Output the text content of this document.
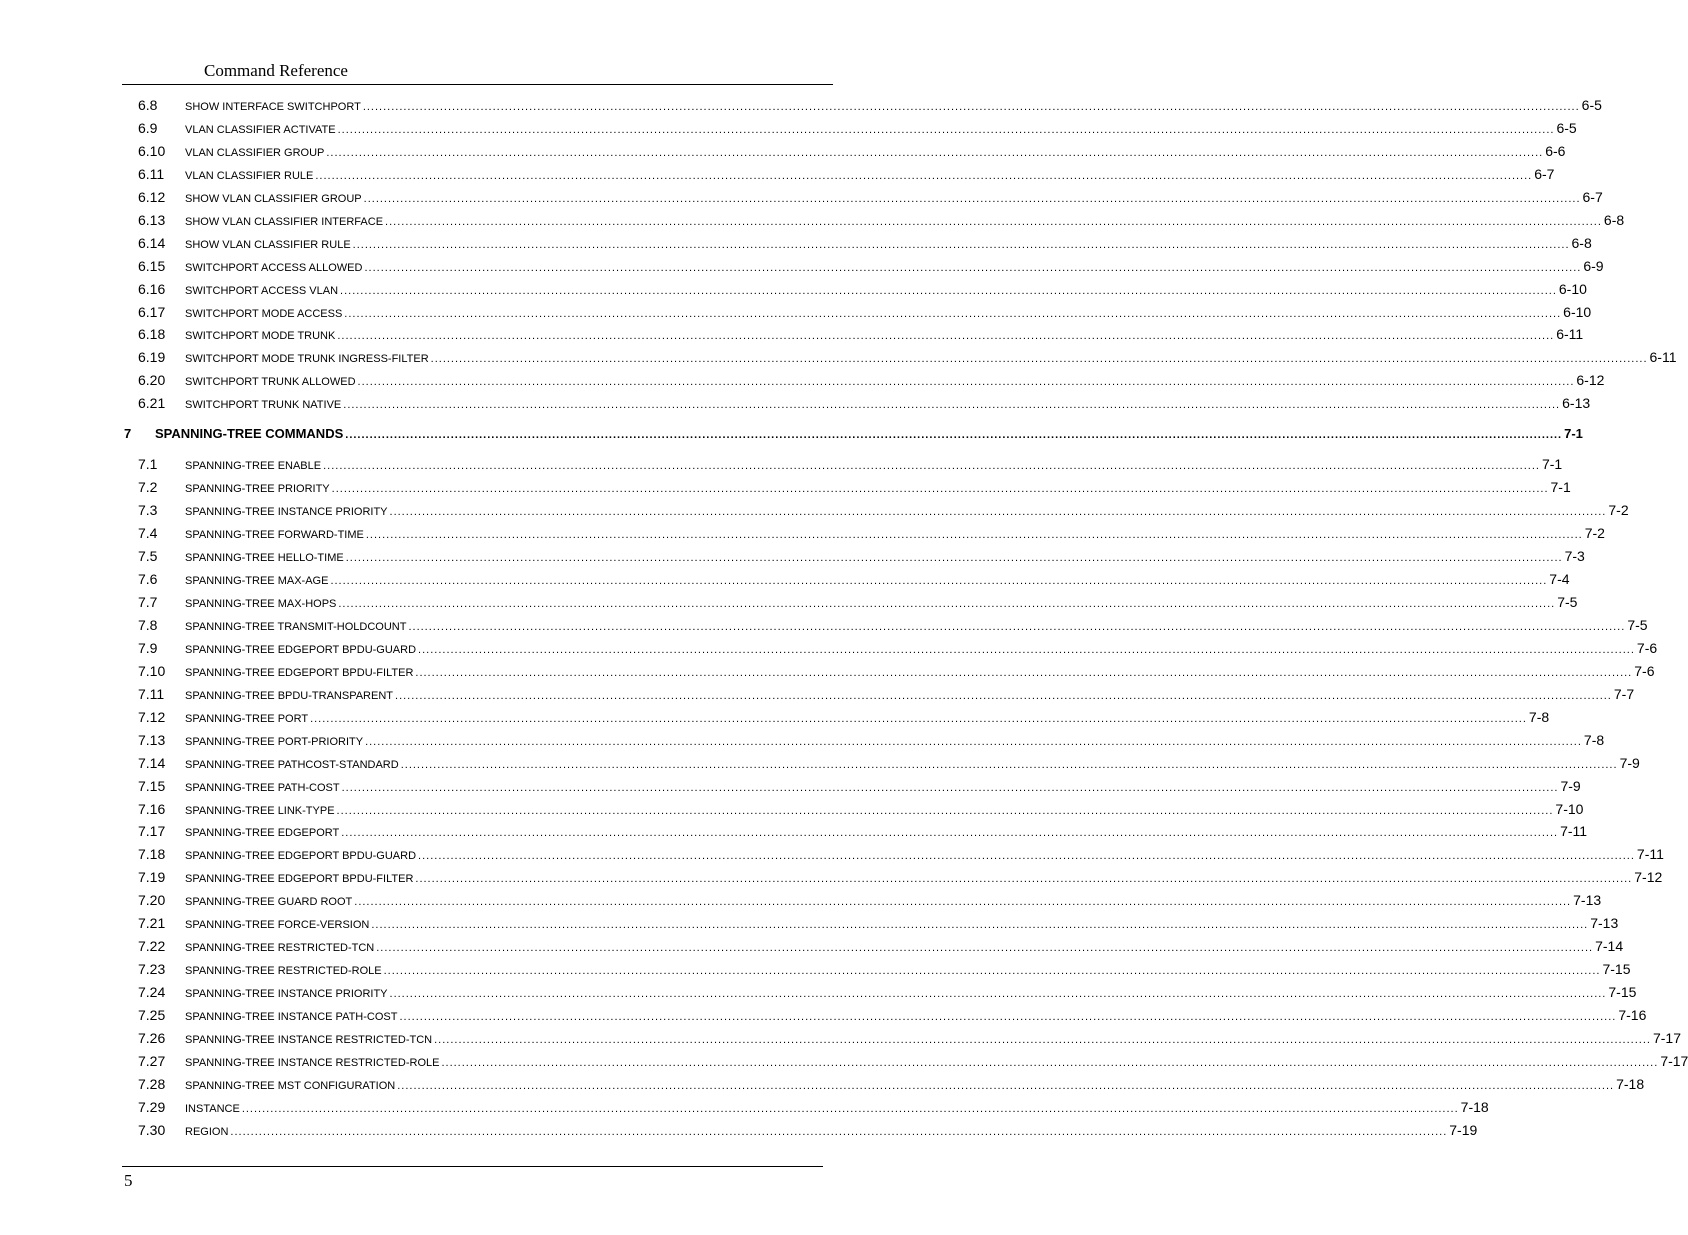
Command Reference
6.8	SHOW INTERFACE SWITCHPORT ............................................................................................................................................................................................................................................................................................................ 6-5
6.9	VLAN CLASSIFIER ACTIVATE ............................................................................................................................................................................................................................................................................................................ 6-5
6.10	VLAN CLASSIFIER GROUP ............................................................................................................................................................................................................................................................................................................ 6-6
6.11	VLAN CLASSIFIER RULE ............................................................................................................................................................................................................................................................................................................ 6-7
6.12	SHOW VLAN CLASSIFIER GROUP ............................................................................................................................................................................................................................................................................................................ 6-7
6.13	SHOW VLAN CLASSIFIER INTERFACE ............................................................................................................................................................................................................................................................................................................ 6-8
6.14	SHOW VLAN CLASSIFIER RULE ............................................................................................................................................................................................................................................................................................................ 6-8
6.15	SWITCHPORT ACCESS ALLOWED ............................................................................................................................................................................................................................................................................................................ 6-9
6.16	SWITCHPORT ACCESS VLAN ............................................................................................................................................................................................................................................................................................................ 6-10
6.17	SWITCHPORT MODE ACCESS ............................................................................................................................................................................................................................................................................................................ 6-10
6.18	SWITCHPORT MODE TRUNK ............................................................................................................................................................................................................................................................................................................ 6-11
6.19	SWITCHPORT MODE TRUNK INGRESS-FILTER ............................................................................................................................................................................................................................................................................................................ 6-11
6.20	SWITCHPORT TRUNK ALLOWED ............................................................................................................................................................................................................................................................................................................ 6-12
6.21	SWITCHPORT TRUNK NATIVE ............................................................................................................................................................................................................................................................................................................ 6-13
7	SPANNING-TREE COMMANDS ............................................................................................................................................................................................................................................................................................................ 7-1
7.1	SPANNING-TREE ENABLE ............................................................................................................................................................................................................................................................................................................ 7-1
7.2	SPANNING-TREE PRIORITY ............................................................................................................................................................................................................................................................................................................ 7-1
7.3	SPANNING-TREE INSTANCE PRIORITY ............................................................................................................................................................................................................................................................................................................ 7-2
7.4	SPANNING-TREE FORWARD-TIME ............................................................................................................................................................................................................................................................................................................ 7-2
7.5	SPANNING-TREE HELLO-TIME ............................................................................................................................................................................................................................................................................................................ 7-3
7.6	SPANNING-TREE MAX-AGE ............................................................................................................................................................................................................................................................................................................ 7-4
7.7	SPANNING-TREE MAX-HOPS ............................................................................................................................................................................................................................................................................................................ 7-5
7.8	SPANNING-TREE TRANSMIT-HOLDCOUNT ............................................................................................................................................................................................................................................................................................................ 7-5
7.9	SPANNING-TREE EDGEPORT BPDU-GUARD ............................................................................................................................................................................................................................................................................................................ 7-6
7.10	SPANNING-TREE EDGEPORT BPDU-FILTER ............................................................................................................................................................................................................................................................................................................ 7-6
7.11	SPANNING-TREE BPDU-TRANSPARENT ............................................................................................................................................................................................................................................................................................................ 7-7
7.12	SPANNING-TREE PORT ............................................................................................................................................................................................................................................................................................................ 7-8
7.13	SPANNING-TREE PORT-PRIORITY ............................................................................................................................................................................................................................................................................................................ 7-8
7.14	SPANNING-TREE PATHCOST-STANDARD ............................................................................................................................................................................................................................................................................................................ 7-9
7.15	SPANNING-TREE PATH-COST ............................................................................................................................................................................................................................................................................................................ 7-9
7.16	SPANNING-TREE LINK-TYPE ............................................................................................................................................................................................................................................................................................................ 7-10
7.17	SPANNING-TREE EDGEPORT ............................................................................................................................................................................................................................................................................................................ 7-11
7.18	SPANNING-TREE EDGEPORT BPDU-GUARD ............................................................................................................................................................................................................................................................................................................ 7-11
7.19	SPANNING-TREE EDGEPORT BPDU-FILTER ............................................................................................................................................................................................................................................................................................................ 7-12
7.20	SPANNING-TREE GUARD ROOT ............................................................................................................................................................................................................................................................................................................ 7-13
7.21	SPANNING-TREE FORCE-VERSION ............................................................................................................................................................................................................................................................................................................ 7-13
7.22	SPANNING-TREE RESTRICTED-TCN ............................................................................................................................................................................................................................................................................................................ 7-14
7.23	SPANNING-TREE RESTRICTED-ROLE ............................................................................................................................................................................................................................................................................................................ 7-15
7.24	SPANNING-TREE INSTANCE PRIORITY ............................................................................................................................................................................................................................................................................................................ 7-15
7.25	SPANNING-TREE INSTANCE PATH-COST ............................................................................................................................................................................................................................................................................................................ 7-16
7.26	SPANNING-TREE INSTANCE RESTRICTED-TCN ............................................................................................................................................................................................................................................................................................................ 7-17
7.27	SPANNING-TREE INSTANCE RESTRICTED-ROLE ............................................................................................................................................................................................................................................................................................................ 7-17
7.28	SPANNING-TREE MST CONFIGURATION ............................................................................................................................................................................................................................................................................................................ 7-18
7.29	INSTANCE ............................................................................................................................................................................................................................................................................................................ 7-18
7.30	REGION ............................................................................................................................................................................................................................................................................................................ 7-19
5
